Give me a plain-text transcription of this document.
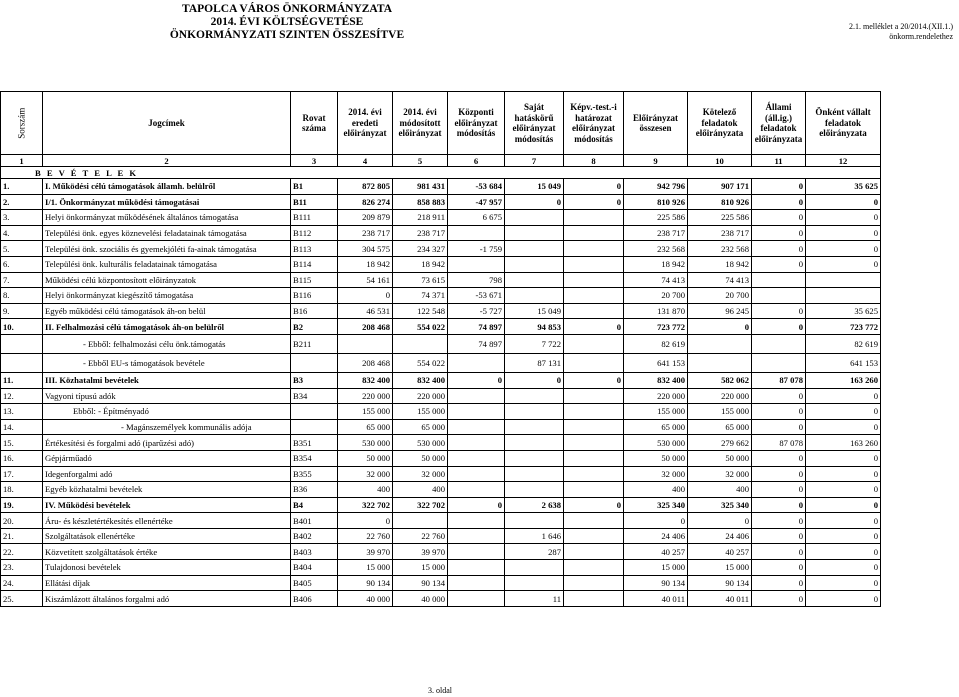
TAPOLCA VÁROS ÖNKORMÁNYZATA
2014. ÉVI KÖLTSÉGVETÉSE
ÖNKORMÁNYZATI SZINTEN ÖSSZESÍTVE
2.1. melléklet a 20/2014.(XII.1.)
önkorm.rendelethez
Sorszám	Jogcímek	Rovat száma	2014. évi eredeti előirányzat	2014. évi módosított előirányzat	Központi előirányzat módosítás	Saját hatáskörű előirányzat módosítás	Képv.-test.-i határozat előirányzat módosítás	Előirányzat összesen	Kötelező feladatok előirányzata	Állami (áll.ig.) feladatok előirányzata	Önként vállalt feladatok előirányzata
1	2	3	4	5	6	7	8	9	10	11	12
B E V É T E L E K											
1.	I. Működési célú támogatások államh. belülről	B1	872 805	981 431	-53 684	15 049	0	942 796	907 171	0	35 625
2.	I/1. Önkormányzat működési támogatásai	B11	826 274	858 883	-47 957	0	0	810 926	810 926	0	0
3.	Helyi önkormányzat működésének általános támogatása	B111	209 879	218 911	6 675			225 586	225 586	0	0
4.	Települési önk. egyes köznevelési feladatainak támogatása	B112	238 717	238 717				238 717	238 717	0	0
5.	Települési önk. szociális és gyemekjóléti fa-ainak támogatása	B113	304 575	234 327	-1 759			232 568	232 568	0	0
6.	Települési önk. kulturális feladatainak támogatása	B114	18 942	18 942				18 942	18 942	0	0
7.	Működési célú központosított előirányzatok	B115	54 161	73 615	798			74 413	74 413		
8.	Helyi önkormányzat kiegészítő támogatása	B116	0	74 371	-53 671			20 700	20 700		
9.	Egyéb működési célú támogatások áh-on belül	B16	46 531	122 548	-5 727	15 049		131 870	96 245	0	35 625
10.	II. Felhalmozási célú támogatások áh-on belülről	B2	208 468	554 022	74 897	94 853	0	723 772	0	0	723 772
	- Ebből: felhalmozási célu önk.támogatás	B211			74 897	7 722		82 619			82 619
	- Ebből EU-s támogatások bevétele		208 468	554 022		87 131		641 153			641 153
11.	III. Közhatalmi bevételek	B3	832 400	832 400	0	0	0	832 400	582 062	87 078	163 260
12.	Vagyoni típusú adók	B34	220 000	220 000				220 000	220 000	0	0
13.	Ebből: - Építményadó		155 000	155 000				155 000	155 000	0	0
14.	- Magánszemélyek kommunális adója		65 000	65 000				65 000	65 000	0	0
15.	Értékesítési és forgalmi adó (iparűzési adó)	B351	530 000	530 000				530 000	279 662	87 078	163 260
16.	Gépjárműadó	B354	50 000	50 000				50 000	50 000	0	0
17.	Idegenforgalmi adó	B355	32 000	32 000				32 000	32 000	0	0
18.	Egyéb közhatalmi bevételek	B36	400	400				400	400	0	0
19.	IV. Működési bevételek	B4	322 702	322 702	0	2 638	0	325 340	325 340	0	0
20.	Áru- és készletértékesítés ellenértéke	B401	0					0	0	0	0
21.	Szolgáltatások ellenértéke	B402	22 760	22 760		1 646		24 406	24 406	0	0
22.	Közvetített szolgáltatások értéke	B403	39 970	39 970		287		40 257	40 257	0	0
23.	Tulajdonosi bevételek	B404	15 000	15 000				15 000	15 000	0	0
24.	Ellátási díjak	B405	90 134	90 134				90 134	90 134	0	0
25.	Kiszámlázott általános forgalmi adó	B406	40 000	40 000		11		40 011	40 011	0	0
3. oldal
